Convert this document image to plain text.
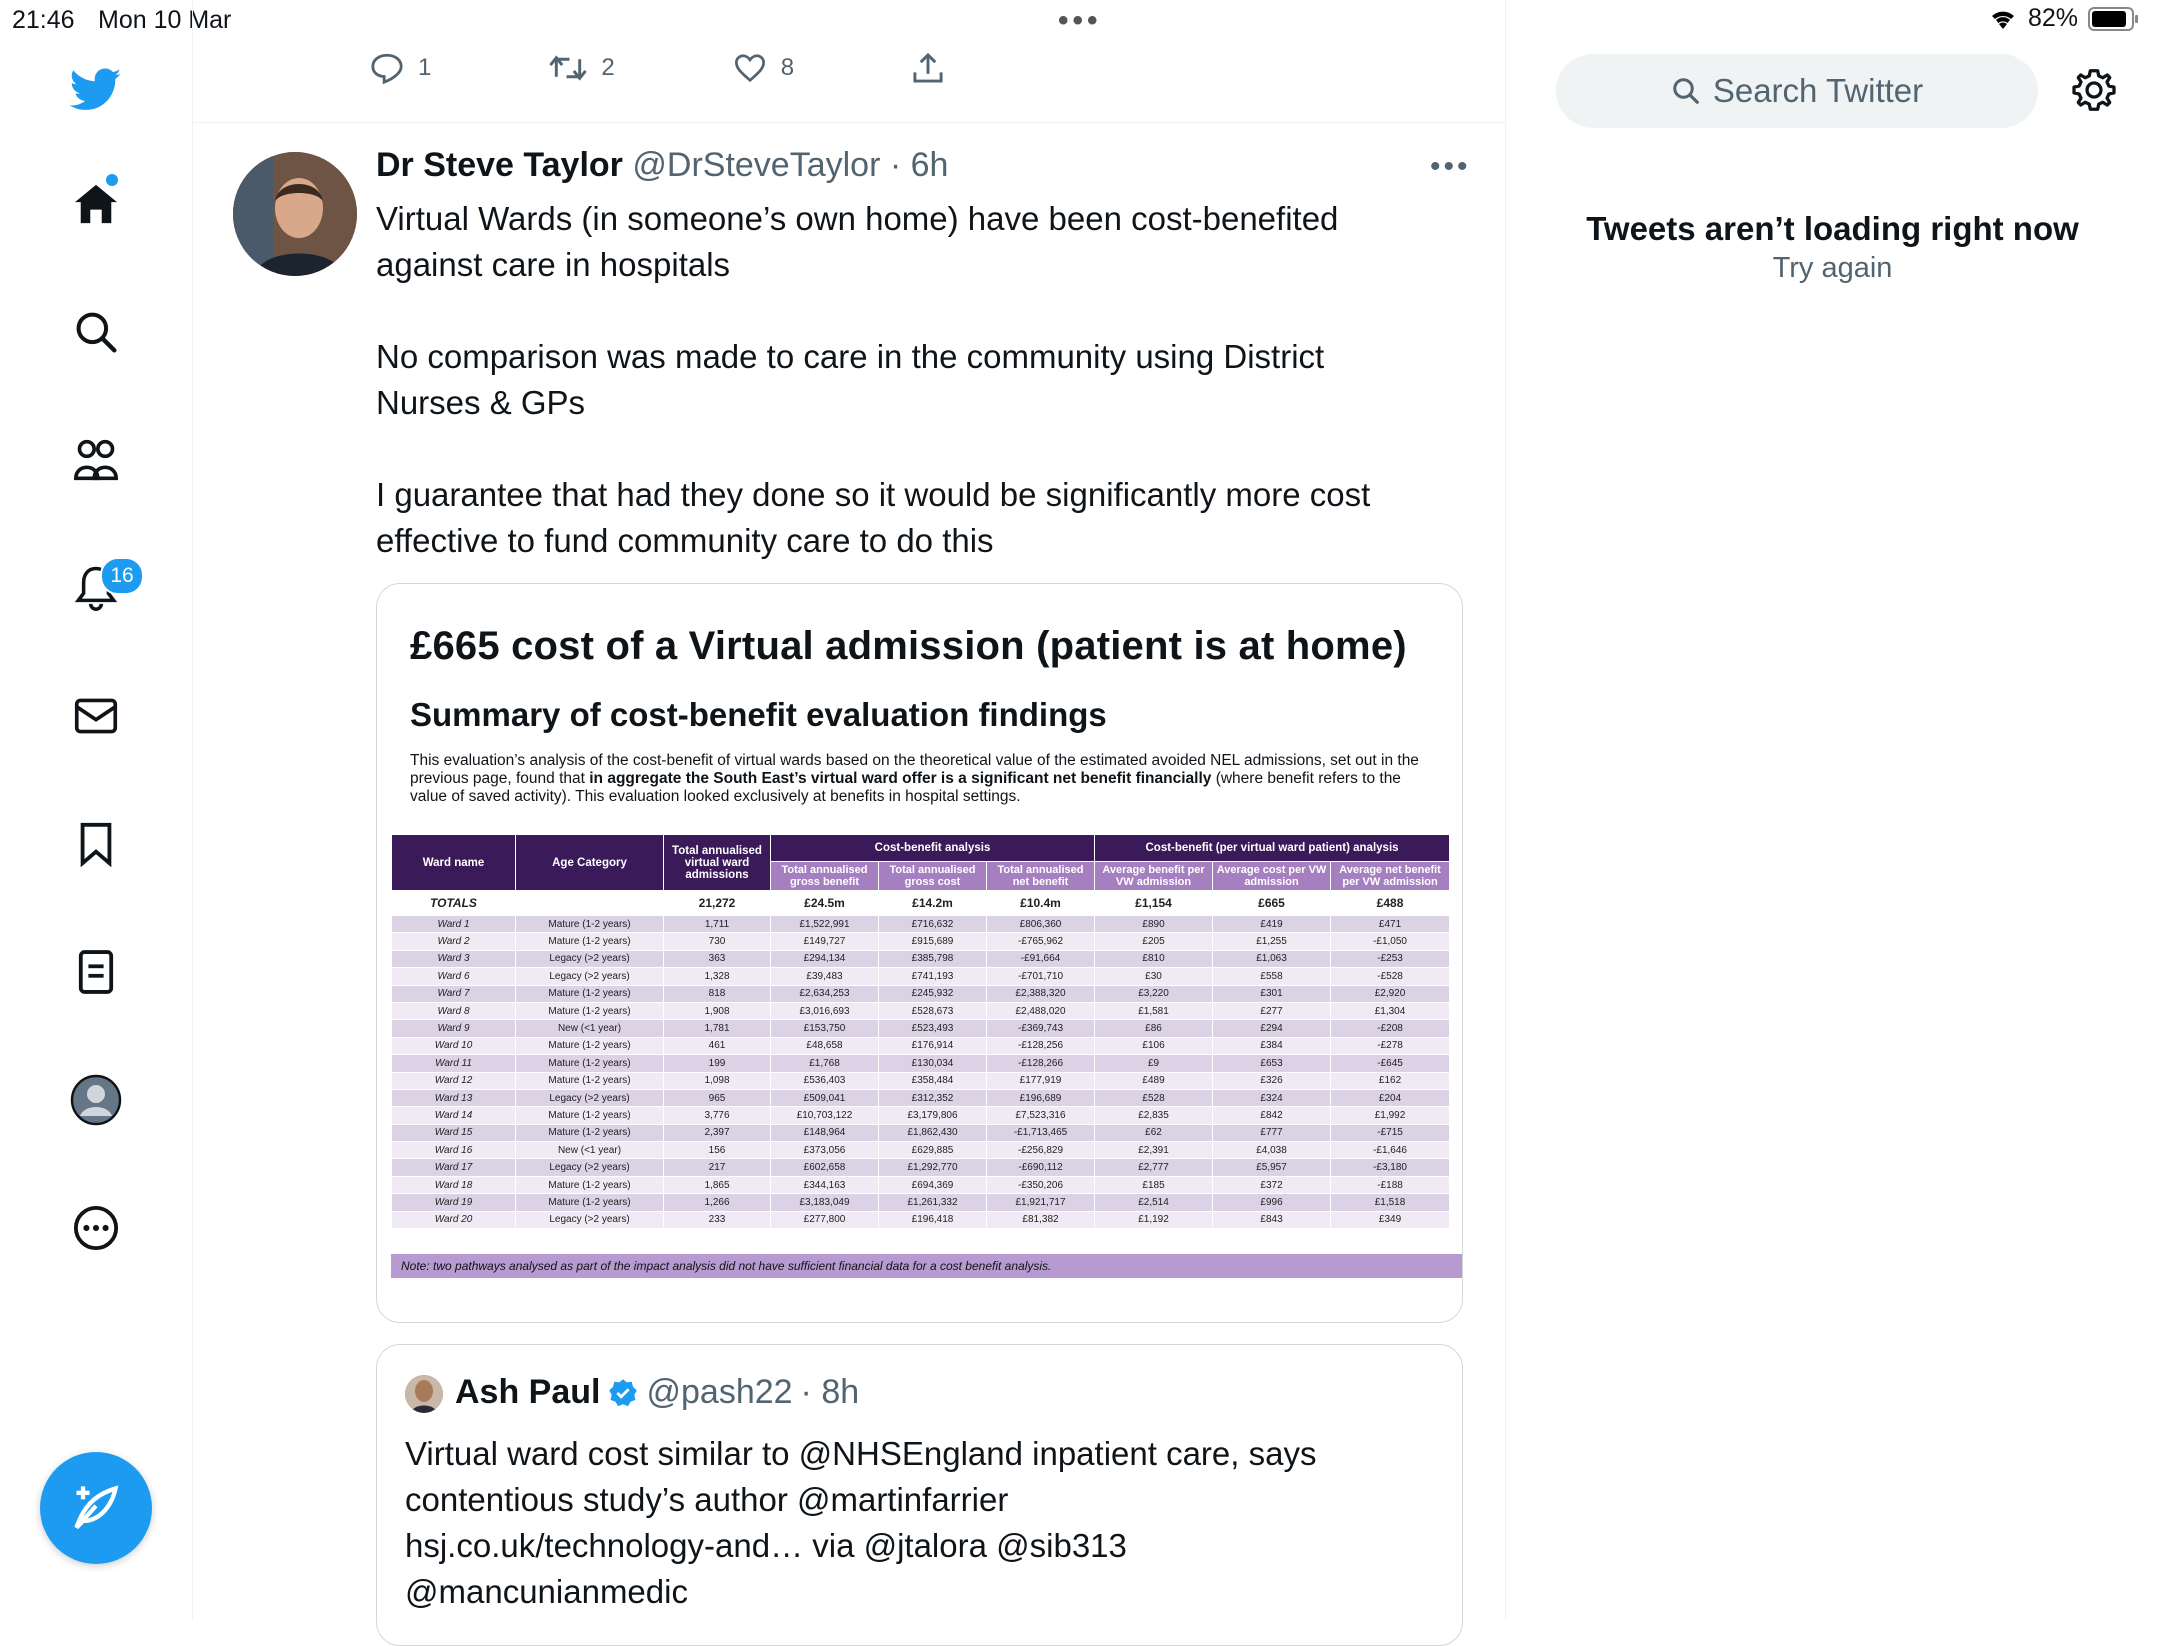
21:46 Mon 10 Mar	•••	82%
16
1	2	8
Dr Steve Taylor @DrSteveTaylor · 6h	•••

Virtual Wards (in someone’s own home) have been cost-benefited against care in hospitals

No comparison was made to care in the community using District Nurses & GPs

I guarantee that had they done so it would be significantly more cost effective to fund community care to do this

£665 cost of a Virtual admission (patient is at home)
Summary of cost-benefit evaluation findings
This evaluation’s analysis of the cost-benefit of virtual wards based on the theoretical value of the estimated avoided NEL admissions, set out in the previous page, found that in aggregate the South East’s virtual ward offer is a significant net benefit financially (where benefit refers to the value of saved activity). This evaluation looked exclusively at benefits in hospital settings.
Ward name	Age Category	Total annualised virtual ward admissions	Cost-benefit analysis			Cost-benefit (per virtual ward patient) analysis		
			Total annualised gross benefit	Total annualised gross cost	Total annualised net benefit	Average benefit per VW admission	Average cost per VW admission	Average net benefit per VW admission
TOTALS		21,272	£24.5m	£14.2m	£10.4m	£1,154	£665	£488
Ward 1	Mature (1-2 years)	1,711	£1,522,991	£716,632	£806,360	£890	£419	£471
Ward 2	Mature (1-2 years)	730	£149,727	£915,689	-£765,962	£205	£1,255	-£1,050
Ward 3	Legacy (>2 years)	363	£294,134	£385,798	-£91,664	£810	£1,063	-£253
Ward 6	Legacy (>2 years)	1,328	£39,483	£741,193	-£701,710	£30	£558	-£528
Ward 7	Mature (1-2 years)	818	£2,634,253	£245,932	£2,388,320	£3,220	£301	£2,920
Ward 8	Mature (1-2 years)	1,908	£3,016,693	£528,673	£2,488,020	£1,581	£277	£1,304
Ward 9	New (<1 year)	1,781	£153,750	£523,493	-£369,743	£86	£294	-£208
Ward 10	Mature (1-2 years)	461	£48,658	£176,914	-£128,256	£106	£384	-£278
Ward 11	Mature (1-2 years)	199	£1,768	£130,034	-£128,266	£9	£653	-£645
Ward 12	Mature (1-2 years)	1,098	£536,403	£358,484	£177,919	£489	£326	£162
Ward 13	Legacy (>2 years)	965	£509,041	£312,352	£196,689	£528	£324	£204
Ward 14	Mature (1-2 years)	3,776	£10,703,122	£3,179,806	£7,523,316	£2,835	£842	£1,992
Ward 15	Mature (1-2 years)	2,397	£148,964	£1,862,430	-£1,713,465	£62	£777	-£715
Ward 16	New (<1 year)	156	£373,056	£629,885	-£256,829	£2,391	£4,038	-£1,646
Ward 17	Legacy (>2 years)	217	£602,658	£1,292,770	-£690,112	£2,777	£5,957	-£3,180
Ward 18	Mature (1-2 years)	1,865	£344,163	£694,369	-£350,206	£185	£372	-£188
Ward 19	Mature (1-2 years)	1,266	£3,183,049	£1,261,332	£1,921,717	£2,514	£996	£1,518
Ward 20	Legacy (>2 years)	233	£277,800	£196,418	£81,382	£1,192	£843	£349
Note: two pathways analysed as part of the impact analysis did not have sufficient financial data for a cost benefit analysis.
Ash Paul @pash22 · 8h
Virtual ward cost similar to @NHSEngland inpatient care, says
contentious study’s author @martinfarrier
hsj.co.uk/technology-and… via @jtalora @sib313
@mancunianmedic
Search Twitter
Tweets aren’t loading right now
Try again
